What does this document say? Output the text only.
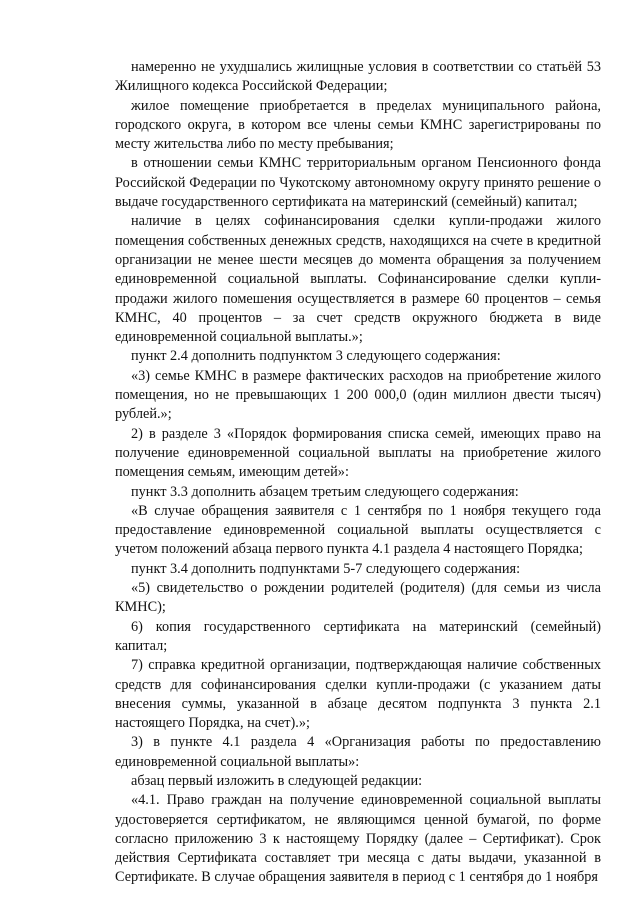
намеренно не ухудшались жилищные условия в соответствии со статьёй 53 Жилищного кодекса Российской Федерации;

жилое помещение приобретается в пределах муниципального района, городского округа, в котором все члены семьи КМНС зарегистрированы по месту жительства либо по месту пребывания;

в отношении семьи КМНС территориальным органом Пенсионного фонда Российской Федерации по Чукотскому автономному округу принято решение о выдаче государственного сертификата на материнский (семейный) капитал;

наличие в целях софинансирования сделки купли-продажи жилого помещения собственных денежных средств, находящихся на счете в кредитной организации не менее шести месяцев до момента обращения за получением единовременной социальной выплаты. Софинансирование сделки купли-продажи жилого помешения осуществляется в размере 60 процентов – семья КМНС, 40 процентов – за счет средств окружного бюджета в виде единовременной социальной выплаты.»;

пункт 2.4 дополнить подпунктом 3 следующего содержания:

«3) семье КМНС в размере фактических расходов на приобретение жилого помещения, но не превышающих 1 200 000,0 (один миллион двести тысяч) рублей.»;

2) в разделе 3 «Порядок формирования списка семей, имеющих право на получение единовременной социальной выплаты на приобретение жилого помещения семьям, имеющим детей»:

пункт 3.3 дополнить абзацем третьим следующего содержания:

«В случае обращения заявителя с 1 сентября по 1 ноября текущего года предоставление единовременной социальной выплаты осуществляется с учетом положений абзаца первого пункта 4.1 раздела 4 настоящего Порядка;

пункт 3.4 дополнить подпунктами 5-7 следующего содержания:

«5) свидетельство о рождении родителей (родителя) (для семьи из числа КМНС);

6) копия государственного сертификата на материнский (семейный) капитал;

7) справка кредитной организации, подтверждающая наличие собственных средств для софинансирования сделки купли-продажи (с указанием даты внесения суммы, указанной в абзаце десятом подпункта 3 пункта 2.1 настоящего Порядка, на счет).»;

3) в пункте 4.1 раздела 4 «Организация работы по предоставлению единовременной социальной выплаты»:

абзац первый изложить в следующей редакции:

«4.1. Право граждан на получение единовременной социальной выплаты удостоверяется сертификатом, не являющимся ценной бумагой, по форме согласно приложению 3 к настоящему Порядку (далее – Сертификат). Срок действия Сертификата составляет три месяца с даты выдачи, указанной в Сертификате. В случае обращения заявителя в период с 1 сентября до 1 ноября
